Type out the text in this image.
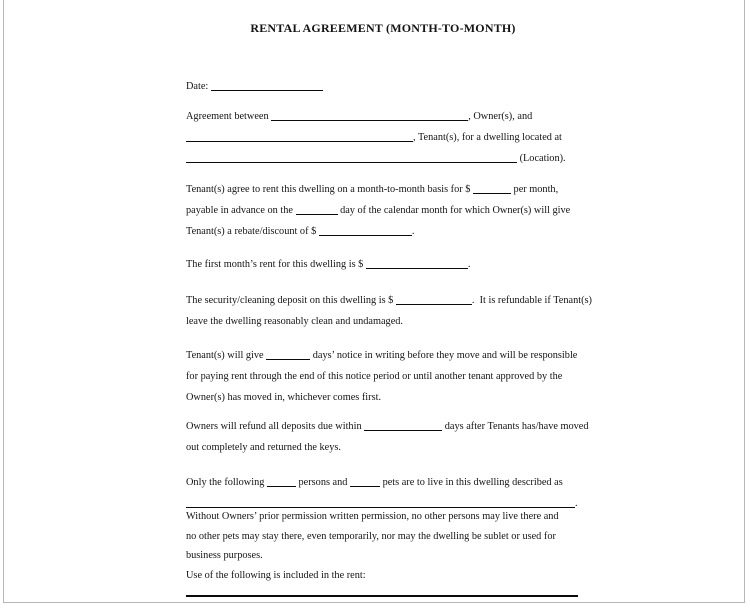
RENTAL AGREEMENT (MONTH-TO-MONTH)
Date:
Agreement between	, Owner(s), and
, Tenant(s), for a dwelling located at
(Location).
Tenant(s) agree to rent this dwelling on a month-to-month basis for $	per month,
payable in advance on the	day of the calendar month for which Owner(s) will give
Tenant(s) a rebate/discount of $	.
The first month’s rent for this dwelling is $	.
The security/cleaning deposit on this dwelling is $	.  It is refundable if Tenant(s)
leave the dwelling reasonably clean and undamaged.
Tenant(s) will give	days’ notice in writing before they move and will be responsible
for paying rent through the end of this notice period or until another tenant approved by the
Owner(s) has moved in, whichever comes first.
Owners will refund all deposits due within	days after Tenants has/have moved
out completely and returned the keys.
Only the following	persons and	pets are to live in this dwelling described as
.
Without Owners’ prior permission written permission, no other persons may live there and
no other pets may stay there, even temporarily, nor may the dwelling be sublet or used for
business purposes.
Use of the following is included in the rent:
